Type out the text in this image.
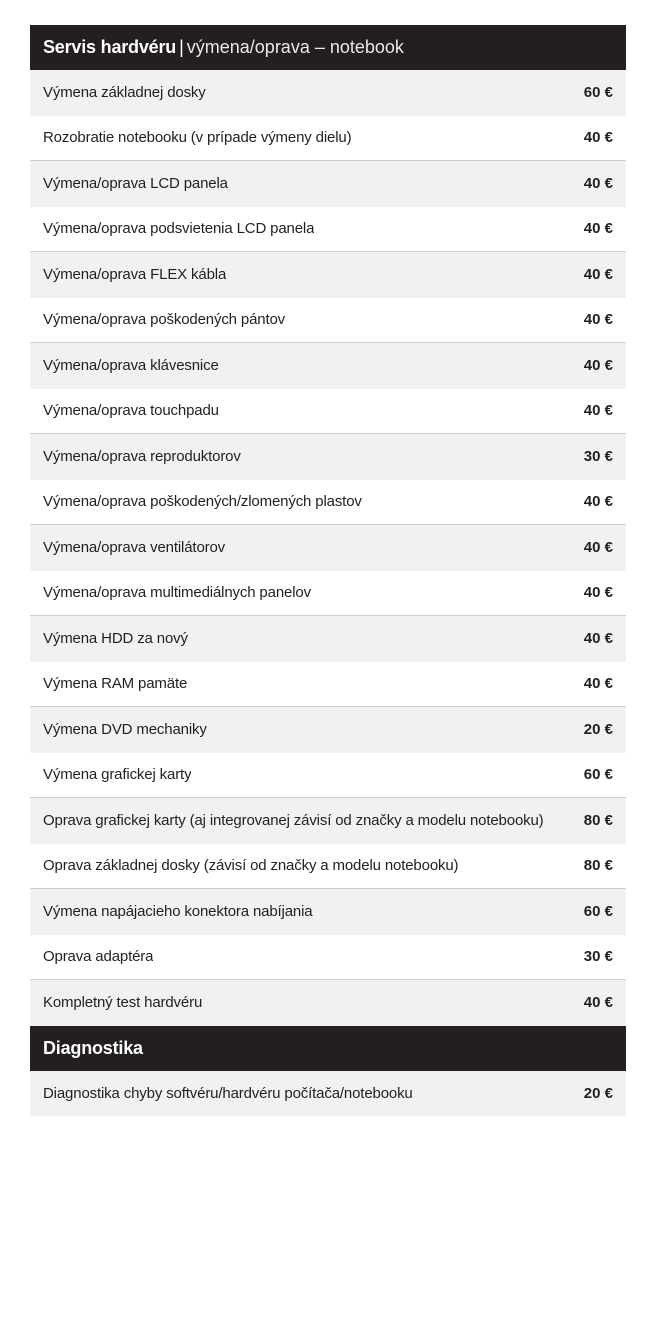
Servis hardvéru | výmena/oprava – notebook
Výmena základnej dosky	60 €
Rozobratie notebooku (v prípade výmeny dielu)	40 €
Výmena/oprava LCD panela	40 €
Výmena/oprava podsvietenia LCD panela	40 €
Výmena/oprava FLEX kábla	40 €
Výmena/oprava poškodených pántov	40 €
Výmena/oprava klávesnice	40 €
Výmena/oprava touchpadu	40 €
Výmena/oprava reproduktorov	30 €
Výmena/oprava poškodených/zlomených plastov	40 €
Výmena/oprava ventilátorov	40 €
Výmena/oprava multimediálnych panelov	40 €
Výmena HDD za nový	40 €
Výmena RAM pamäte	40 €
Výmena DVD mechaniky	20 €
Výmena grafickej karty	60 €
Oprava grafickej karty (aj integrovanej závisí od značky a modelu notebooku)	80 €
Oprava základnej dosky (závisí od značky a modelu notebooku)	80 €
Výmena napájacieho konektora nabíjania	60 €
Oprava adaptéra	30 €
Kompletný test hardvéru	40 €
Diagnostika
Diagnostika chyby softvéru/hardvéru počítača/notebooku	20 €
